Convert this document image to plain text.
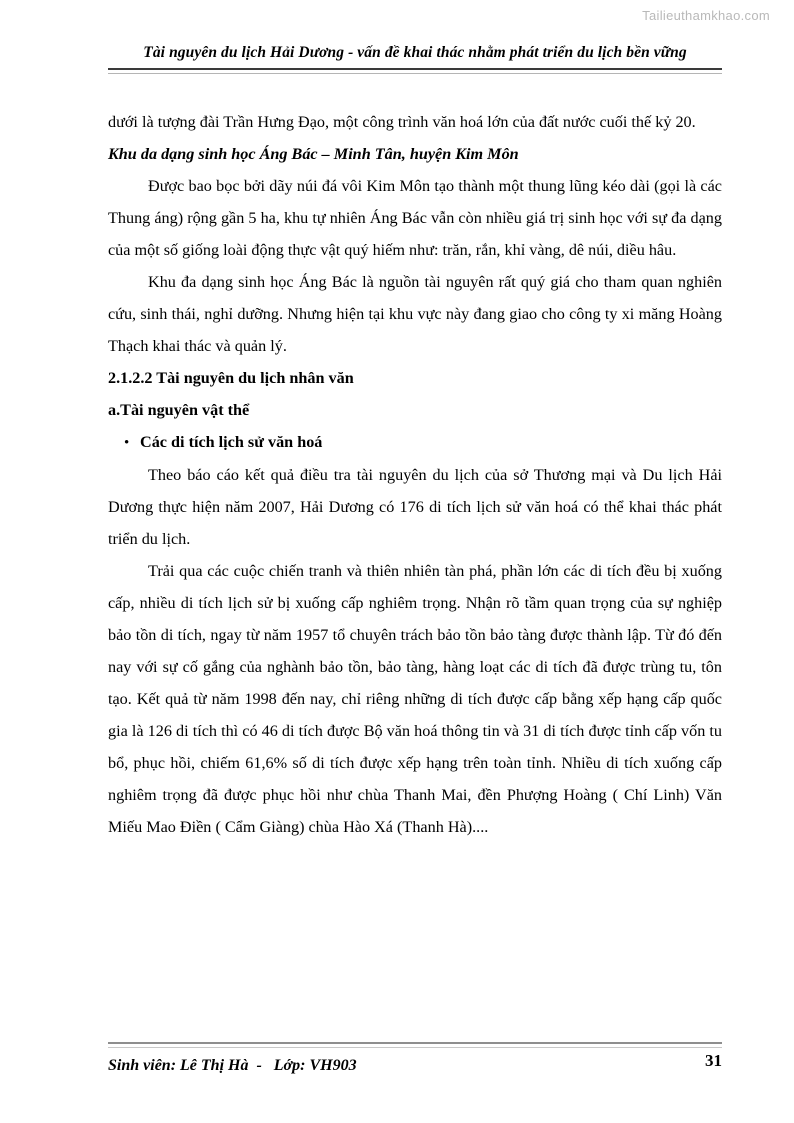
Tailieuthamkhao.com
Tài nguyên du lịch Hải Dương - vấn đề khai thác nhằm phát triển du lịch bền vững

dưới là tượng đài Trần Hưng Đạo, một công trình văn hoá lớn của đất nước cuối thế kỷ 20.

Khu da dạng sinh học Áng Bác – Minh Tân, huyện Kim Môn

Được bao bọc bởi dãy núi đá vôi Kim Môn tạo thành một thung lũng kéo dài (gọi là các Thung áng) rộng gần 5 ha, khu tự nhiên Áng Bác vẫn còn nhiều giá trị sinh học với sự đa dạng của một số giống loài động thực vật quý hiếm như: trăn, rắn, khỉ vàng, dê núi, diều hâu.

Khu đa dạng sinh học Áng Bác là nguồn tài nguyên rất quý giá cho tham quan nghiên cứu, sinh thái, nghỉ dưỡng. Nhưng hiện tại khu vực này đang giao cho công ty xi măng Hoàng Thạch khai thác và quản lý.

2.1.2.2 Tài nguyên du lịch nhân văn

a.Tài nguyên vật thể

• Các di tích lịch sử văn hoá

Theo báo cáo kết quả điều tra tài nguyên du lịch của sở Thương mại và Du lịch Hải Dương thực hiện năm 2007, Hải Dương có 176 di tích lịch sử văn hoá có thể khai thác phát triển du lịch.

Trải qua các cuộc chiến tranh và thiên nhiên tàn phá, phần lớn các di tích đều bị xuống cấp, nhiều di tích lịch sử bị xuống cấp nghiêm trọng. Nhận rõ tầm quan trọng của sự nghiệp bảo tồn di tích, ngay từ năm 1957 tổ chuyên trách bảo tồn bảo tàng được thành lập. Từ đó đến nay với sự cố gắng của nghành bảo tồn, bảo tàng, hàng loạt các di tích đã được trùng tu, tôn tạo. Kết quả từ năm 1998 đến nay, chỉ riêng những di tích được cấp bằng xếp hạng cấp quốc gia là 126 di tích thì có 46 di tích được Bộ văn hoá thông tin và 31 di tích được tỉnh cấp vốn tu bổ, phục hồi, chiếm 61,6% số di tích được xếp hạng trên toàn tỉnh. Nhiều di tích xuống cấp nghiêm trọng đã được phục hồi như chùa Thanh Mai, đền Phượng Hoàng ( Chí Linh) Văn Miếu Mao Điền ( Cẩm Giàng) chùa Hào Xá (Thanh Hà)....

Sinh viên: Lê Thị Hà  -   Lớp: VH903	31
